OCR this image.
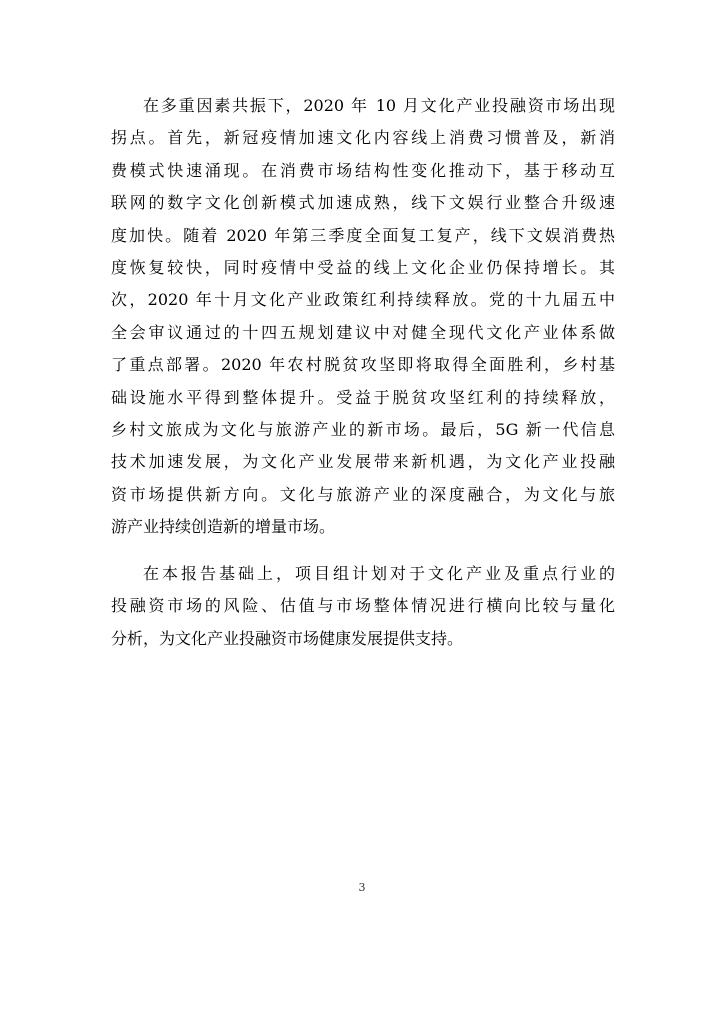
在多重因素共振下，2020 年 10 月文化产业投融资市场出现
拐点。首先，新冠疫情加速文化内容线上消费习惯普及，新消
费模式快速涌现。在消费市场结构性变化推动下，基于移动互
联网的数字文化创新模式加速成熟，线下文娱行业整合升级速
度加快。随着 2020 年第三季度全面复工复产，线下文娱消费热
度恢复较快，同时疫情中受益的线上文化企业仍保持增长。其
次，2020 年十月文化产业政策红利持续释放。党的十九届五中
全会审议通过的十四五规划建议中对健全现代文化产业体系做
了重点部署。2020 年农村脱贫攻坚即将取得全面胜利，乡村基
础设施水平得到整体提升。受益于脱贫攻坚红利的持续释放，
乡村文旅成为文化与旅游产业的新市场。最后，5G 新一代信息
技术加速发展，为文化产业发展带来新机遇，为文化产业投融
资市场提供新方向。文化与旅游产业的深度融合，为文化与旅
游产业持续创造新的增量市场。

在本报告基础上，项目组计划对于文化产业及重点行业的
投融资市场的风险、估值与市场整体情况进行横向比较与量化
分析，为文化产业投融资市场健康发展提供支持。

3
